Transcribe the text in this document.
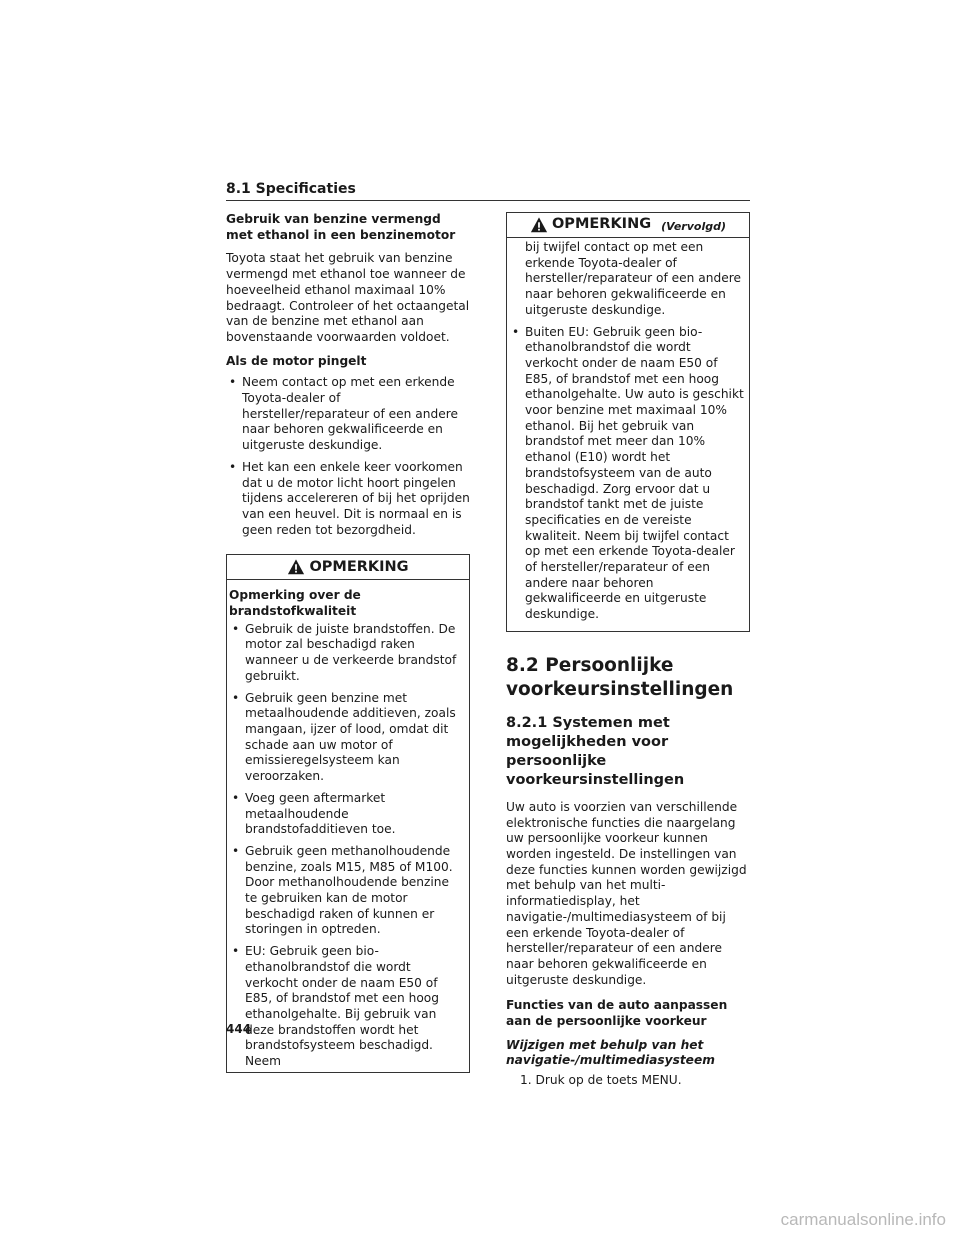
8.1 Specificaties

Gebruik van benzine vermengd met ethanol in een benzinemotor

Toyota staat het gebruik van benzine vermengd met ethanol toe wanneer de hoeveelheid ethanol maximaal 10% bedraagt. Controleer of het octaangetal van de benzine met ethanol aan bovenstaande voorwaarden voldoet.

Als de motor pingelt

• Neem contact op met een erkende Toyota-dealer of hersteller/reparateur of een andere naar behoren gekwalificeerde en uitgeruste deskundige.
• Het kan een enkele keer voorkomen dat u de motor licht hoort pingelen tijdens accelereren of bij het oprijden van een heuvel. Dit is normaal en is geen reden tot bezorgdheid.
OPMERKING

Opmerking over de brandstofkwaliteit

• Gebruik de juiste brandstoffen. De motor zal beschadigd raken wanneer u de verkeerde brandstof gebruikt.
• Gebruik geen benzine met metaalhoudende additieven, zoals mangaan, ijzer of lood, omdat dit schade aan uw motor of emissieregelsysteem kan veroorzaken.
• Voeg geen aftermarket metaalhoudende brandstofadditieven toe.
• Gebruik geen methanolhoudende benzine, zoals M15, M85 of M100. Door methanolhoudende benzine te gebruiken kan de motor beschadigd raken of kunnen er storingen in optreden.
• EU: Gebruik geen bio-ethanolbrandstof die wordt verkocht onder de naam E50 of E85, of brandstof met een hoog ethanolgehalte. Bij gebruik van deze brandstoffen wordt het brandstofsysteem beschadigd. Neem
OPMERKING (Vervolgd)
bij twijfel contact op met een erkende Toyota-dealer of hersteller/reparateur of een andere naar behoren gekwalificeerde en uitgeruste deskundige.
• Buiten EU: Gebruik geen bio-ethanolbrandstof die wordt verkocht onder de naam E50 of E85, of brandstof met een hoog ethanolgehalte. Uw auto is geschikt voor benzine met maximaal 10% ethanol. Bij het gebruik van brandstof met meer dan 10% ethanol (E10) wordt het brandstofsysteem van de auto beschadigd. Zorg ervoor dat u brandstof tankt met de juiste specificaties en de vereiste kwaliteit. Neem bij twijfel contact op met een erkende Toyota-dealer of hersteller/reparateur of een andere naar behoren gekwalificeerde en uitgeruste deskundige.
8.2 Persoonlijke voorkeursinstellingen
8.2.1 Systemen met mogelijkheden voor persoonlijke voorkeursinstellingen

Uw auto is voorzien van verschillende elektronische functies die naargelang uw persoonlijke voorkeur kunnen worden ingesteld. De instellingen van deze functies kunnen worden gewijzigd met behulp van het multi-informatiedisplay, het navigatie-/multimediasysteem of bij een erkende Toyota-dealer of hersteller/reparateur of een andere naar behoren gekwalificeerde en uitgeruste deskundige.

Functies van de auto aanpassen aan de persoonlijke voorkeur

Wijzigen met behulp van het navigatie-/multimediasysteem

1. Druk op de toets MENU.
444
carmanualsonline.info
